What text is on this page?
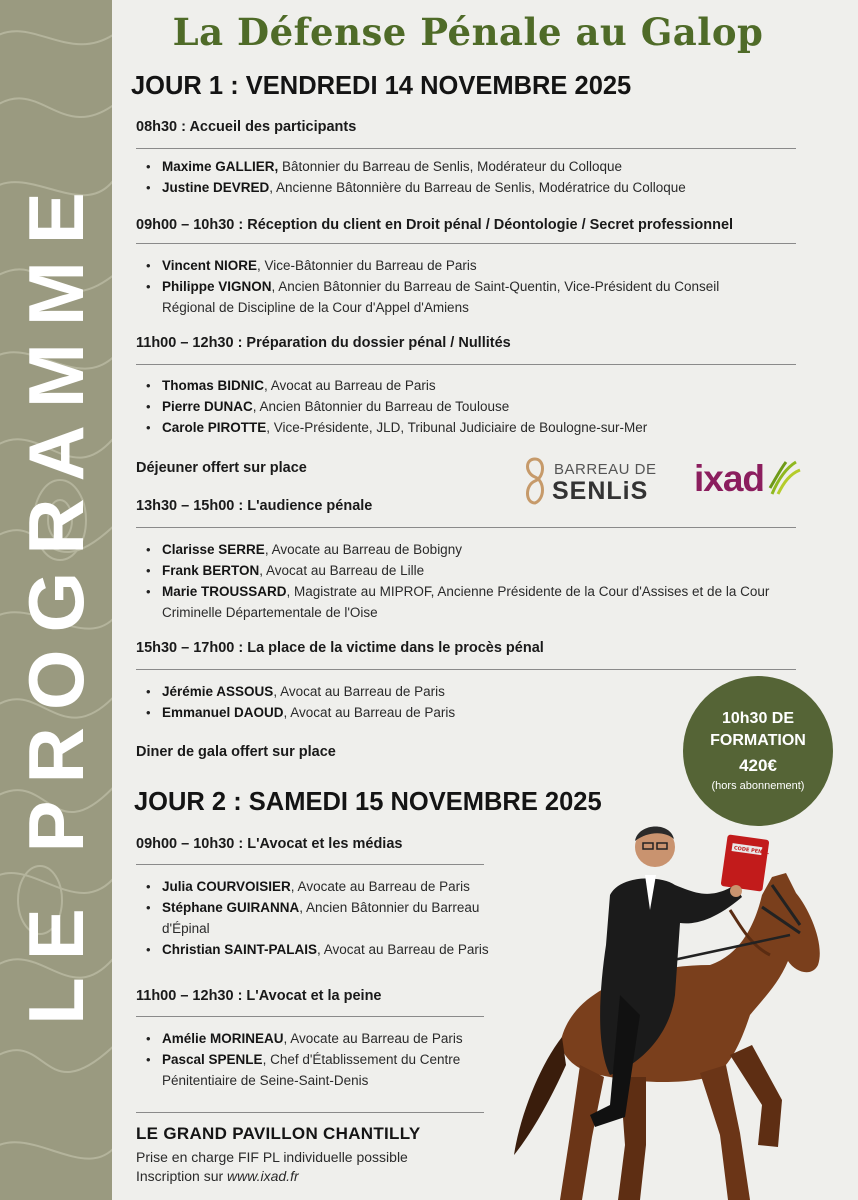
LE PROGRAMME
La Défense Pénale au Galop
JOUR 1 : VENDREDI 14 NOVEMBRE 2025
08h30 : Accueil des participants
• Maxime GALLIER, Bâtonnier du Barreau de Senlis, Modérateur du Colloque
• Justine DEVRED, Ancienne Bâtonnière du Barreau de Senlis, Modératrice du Colloque
09h00 – 10h30 : Réception du client en Droit pénal / Déontologie / Secret professionnel
• Vincent NIORE, Vice-Bâtonnier du Barreau de Paris
• Philippe VIGNON, Ancien Bâtonnier du Barreau de Saint-Quentin, Vice-Président du Conseil Régional de Discipline de la Cour d'Appel d'Amiens
11h00 – 12h30 : Préparation du dossier pénal / Nullités
• Thomas BIDNIC, Avocat au Barreau de Paris
• Pierre DUNAC, Ancien Bâtonnier du Barreau de Toulouse
• Carole PIROTTE, Vice-Présidente, JLD, Tribunal Judiciaire de Boulogne-sur-Mer
Déjeuner offert sur place	BARREAU DE
SENLiS ixad
13h30 – 15h00 : L'audience pénale
• Clarisse SERRE, Avocate au Barreau de Bobigny
• Frank BERTON, Avocat au Barreau de Lille
• Marie TROUSSARD, Magistrate au MIPROF, Ancienne Présidente de la Cour d'Assises et de la Cour Criminelle Départementale de l'Oise
15h30 – 17h00 : La place de la victime dans le procès pénal
• Jérémie ASSOUS, Avocat au Barreau de Paris
• Emmanuel DAOUD, Avocat au Barreau de Paris
Diner de gala offert sur place
10h30 DE
FORMATION
420€
(hors abonnement)
JOUR 2 : SAMEDI 15 NOVEMBRE 2025
09h00 – 10h30 : L'Avocat et les médias
• Julia COURVOISIER, Avocate au Barreau de Paris
• Stéphane GUIRANNA, Ancien Bâtonnier du Barreau d'Épinal
• Christian SAINT-PALAIS, Avocat au Barreau de Paris
11h00 – 12h30 : L'Avocat et la peine
• Amélie MORINEAU, Avocate au Barreau de Paris
• Pascal SPENLE, Chef d'Établissement du Centre Pénitentiaire de Seine-Saint-Denis
CODE PENAL
LE GRAND PAVILLON CHANTILLY
Prise en charge FIF PL individuelle possible
Inscription sur www.ixad.fr
